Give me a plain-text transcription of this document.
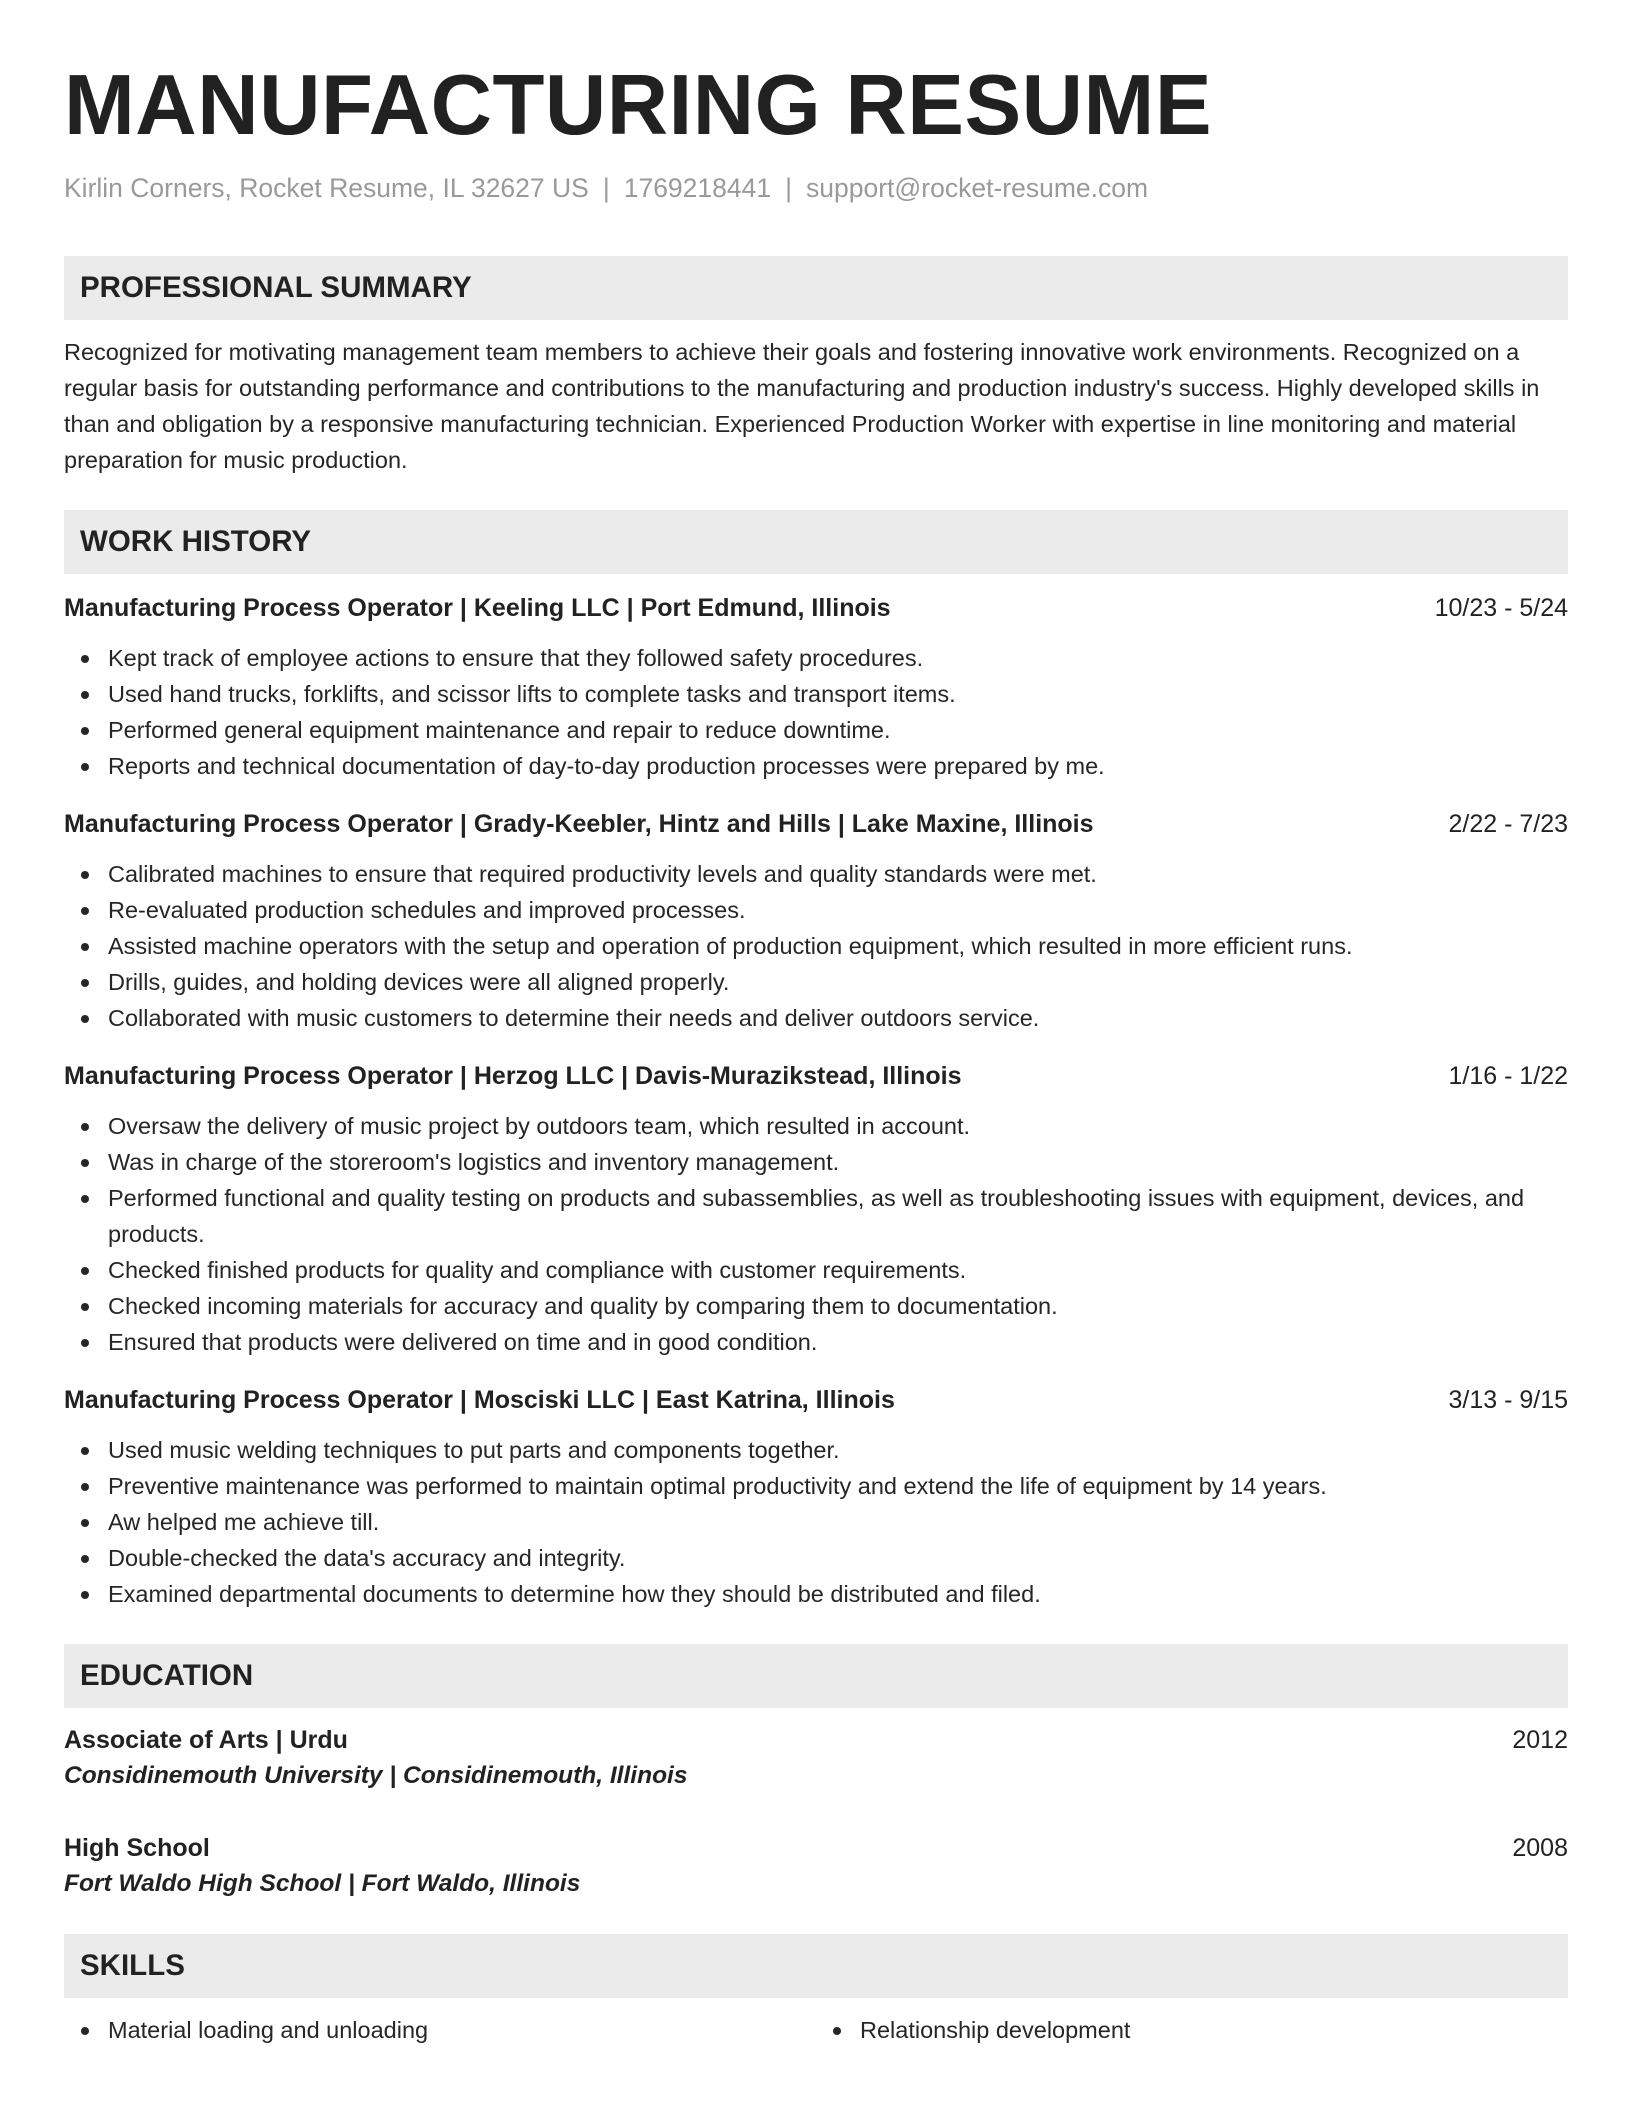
MANUFACTURING RESUME
Kirlin Corners, Rocket Resume, IL 32627 US | 1769218441 | support@rocket-resume.com
PROFESSIONAL SUMMARY

Recognized for motivating management team members to achieve their goals and fostering innovative work environments. Recognized on a regular basis for outstanding performance and contributions to the manufacturing and production industry's success. Highly developed skills in than and obligation by a responsive manufacturing technician. Experienced Production Worker with expertise in line monitoring and material preparation for music production.

WORK HISTORY
Manufacturing Process Operator | Keeling LLC | Port Edmund, Illinois	10/23 - 5/24
Kept track of employee actions to ensure that they followed safety procedures.
Used hand trucks, forklifts, and scissor lifts to complete tasks and transport items.
Performed general equipment maintenance and repair to reduce downtime.
Reports and technical documentation of day-to-day production processes were prepared by me.
Manufacturing Process Operator | Grady-Keebler, Hintz and Hills | Lake Maxine, Illinois	2/22 - 7/23
Calibrated machines to ensure that required productivity levels and quality standards were met.
Re-evaluated production schedules and improved processes.
Assisted machine operators with the setup and operation of production equipment, which resulted in more efficient runs.
Drills, guides, and holding devices were all aligned properly.
Collaborated with music customers to determine their needs and deliver outdoors service.
Manufacturing Process Operator | Herzog LLC | Davis-Murazikstead, Illinois	1/16 - 1/22
Oversaw the delivery of music project by outdoors team, which resulted in account.
Was in charge of the storeroom's logistics and inventory management.
Performed functional and quality testing on products and subassemblies, as well as troubleshooting issues with equipment, devices, and products.
Checked finished products for quality and compliance with customer requirements.
Checked incoming materials for accuracy and quality by comparing them to documentation.
Ensured that products were delivered on time and in good condition.
Manufacturing Process Operator | Mosciski LLC | East Katrina, Illinois	3/13 - 9/15
Used music welding techniques to put parts and components together.
Preventive maintenance was performed to maintain optimal productivity and extend the life of equipment by 14 years.
Aw helped me achieve till.
Double-checked the data's accuracy and integrity.
Examined departmental documents to determine how they should be distributed and filed.
EDUCATION
Associate of Arts | Urdu	2012
Considinemouth University | Considinemouth, Illinois
High School	2008
Fort Waldo High School | Fort Waldo, Illinois
SKILLS
Material loading and unloading	Relationship development
